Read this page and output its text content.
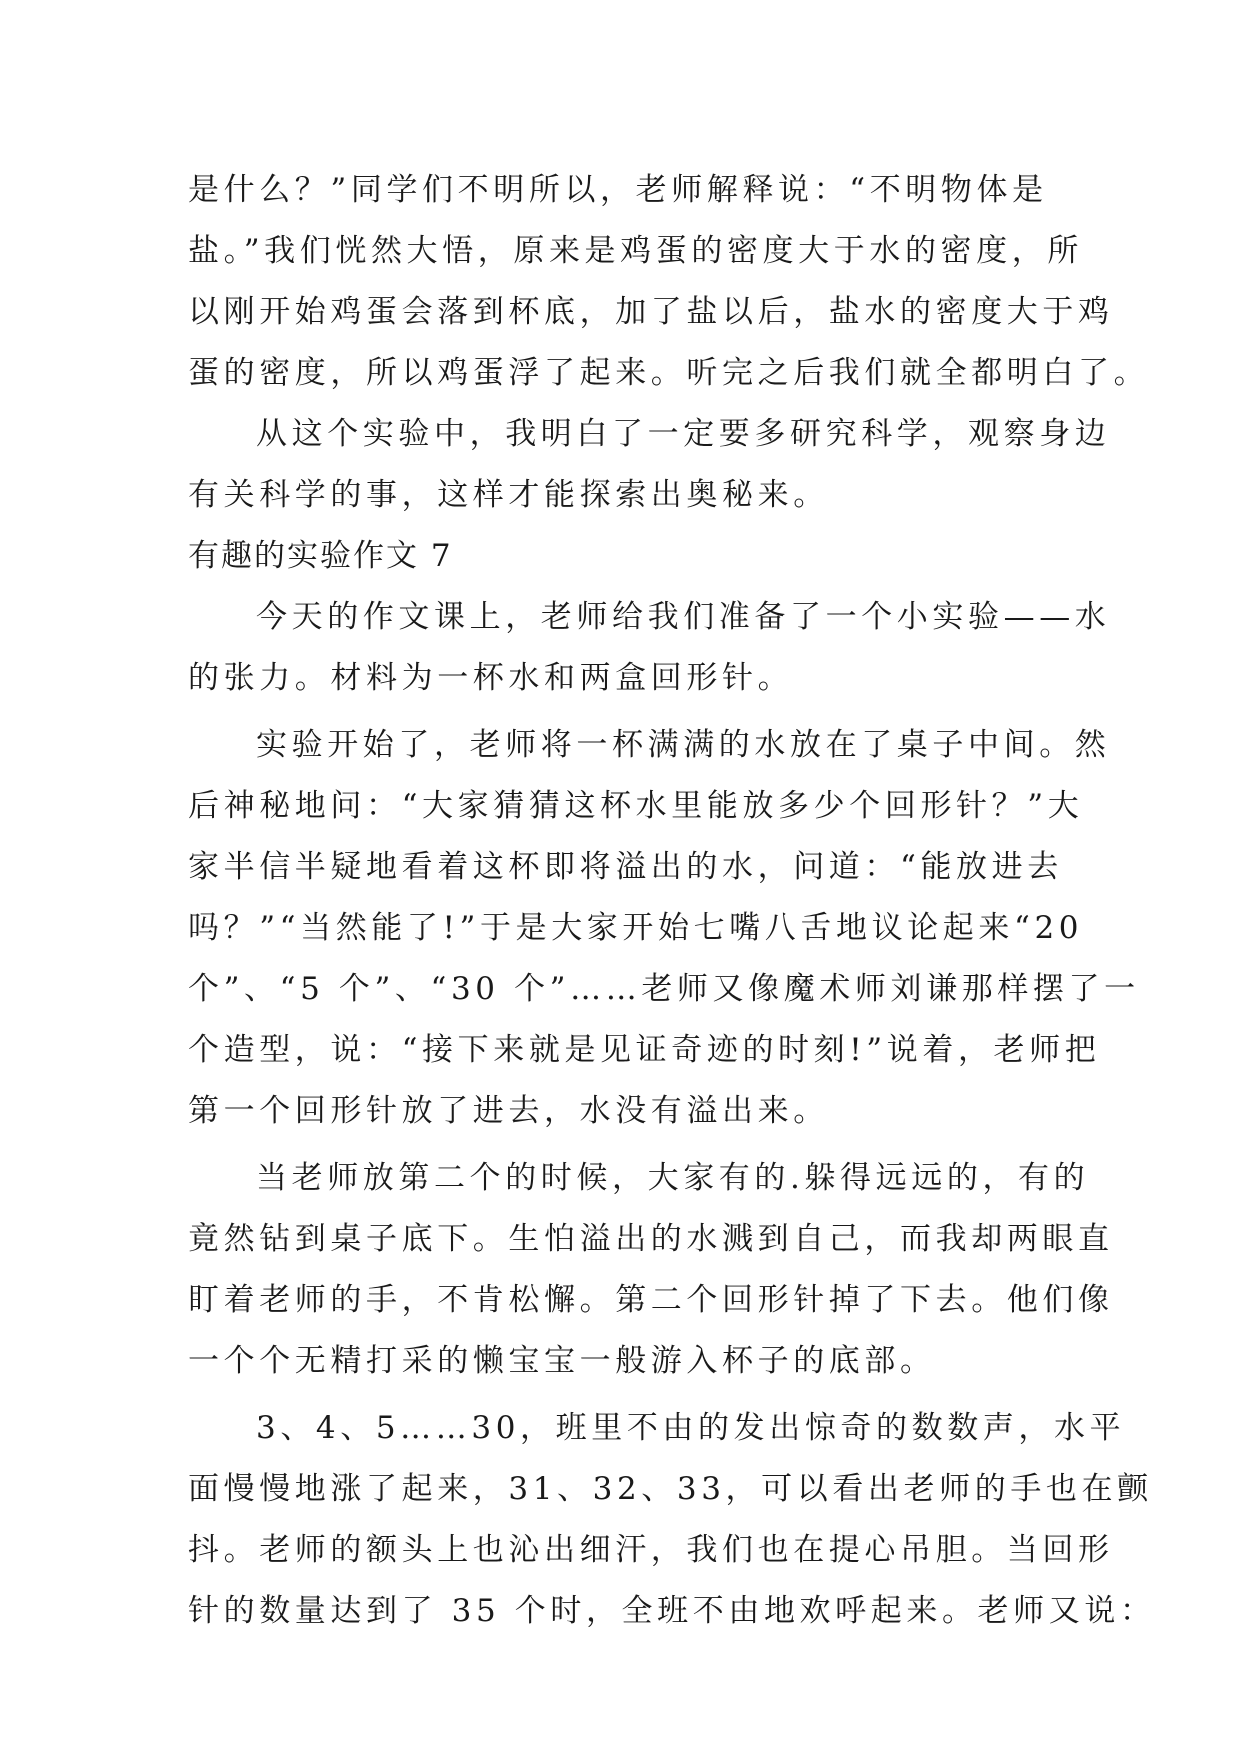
是什么？”同学们不明所以，老师解释说：“不明物体是
盐。”我们恍然大悟，原来是鸡蛋的密度大于水的密度，所
以刚开始鸡蛋会落到杯底，加了盐以后，盐水的密度大于鸡
蛋的密度，所以鸡蛋浮了起来。听完之后我们就全都明白了。
从这个实验中，我明白了一定要多研究科学，观察身边
有关科学的事，这样才能探索出奥秘来。
有趣的实验作文 7
今天的作文课上，老师给我们准备了一个小实验——水
的张力。材料为一杯水和两盒回形针。
实验开始了，老师将一杯满满的水放在了桌子中间。然
后神秘地问：“大家猜猜这杯水里能放多少个回形针？”大
家半信半疑地看着这杯即将溢出的水，问道：“能放进去
吗？”“当然能了!”于是大家开始七嘴八舌地议论起来“20
个”、“5 个”、“30 个”……老师又像魔术师刘谦那样摆了一
个造型，说：“接下来就是见证奇迹的时刻!”说着，老师把
第一个回形针放了进去，水没有溢出来。
当老师放第二个的时候，大家有的.躲得远远的，有的
竟然钻到桌子底下。生怕溢出的水溅到自己，而我却两眼直
盯着老师的手，不肯松懈。第二个回形针掉了下去。他们像
一个个无精打采的懒宝宝一般游入杯子的底部。
3、4、5……30，班里不由的发出惊奇的数数声，水平
面慢慢地涨了起来，31、32、33，可以看出老师的手也在颤
抖。老师的额头上也沁出细汗，我们也在提心吊胆。当回形
针的数量达到了 35 个时，全班不由地欢呼起来。老师又说：
